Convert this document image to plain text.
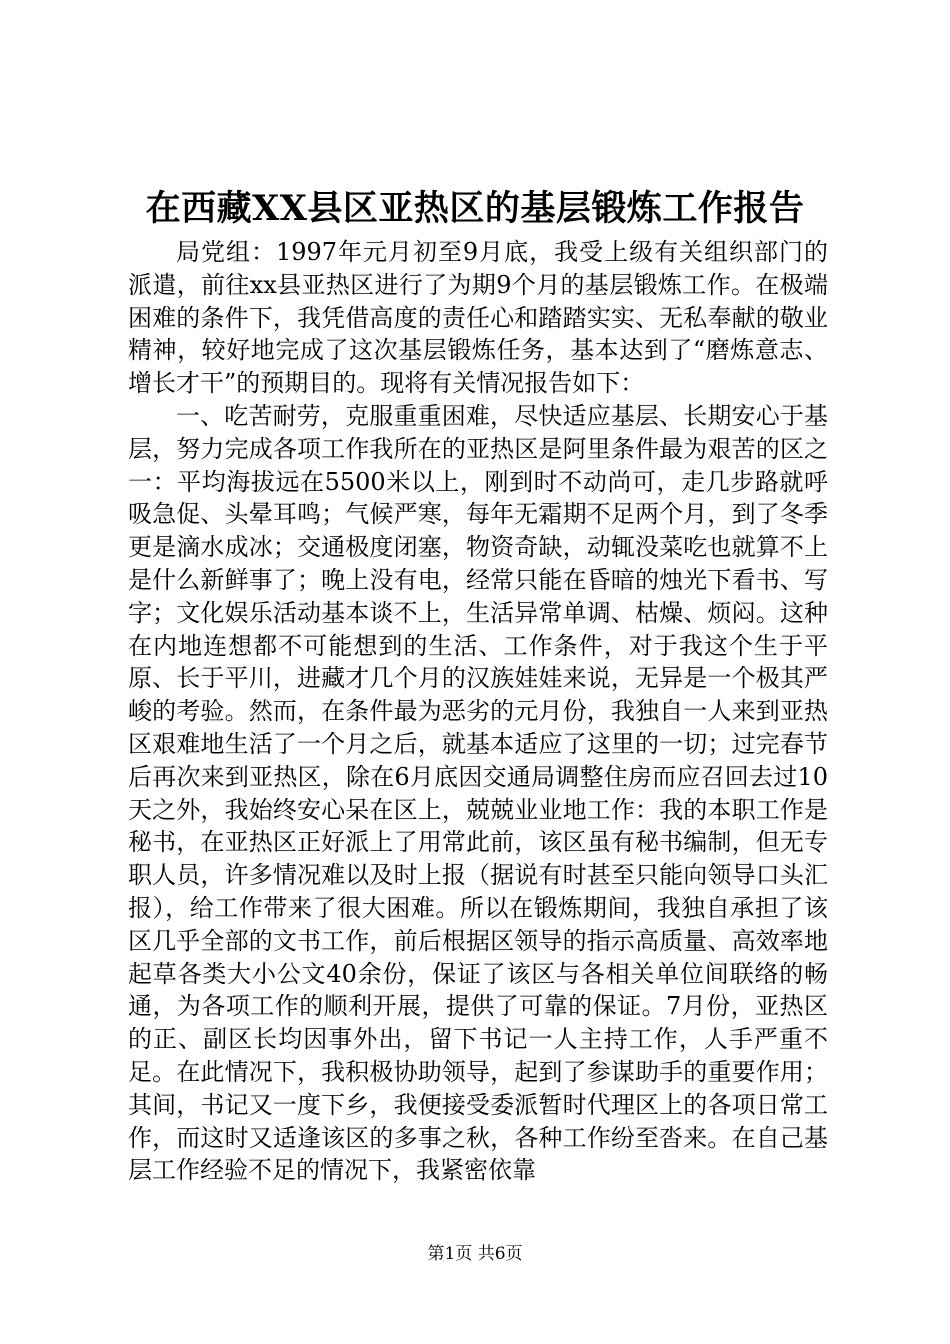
在西藏XX县区亚热区的基层锻炼工作报告

局党组：1997年元月初至9月底，我受上级有关组织部门的派遣，前往xx县亚热区进行了为期9个月的基层锻炼工作。在极端困难的条件下，我凭借高度的责任心和踏踏实实、无私奉献的敬业精神，较好地完成了这次基层锻炼任务，基本达到了“磨炼意志、增长才干”的预期目的。现将有关情况报告如下：

一、吃苦耐劳，克服重重困难，尽快适应基层、长期安心于基层，努力完成各项工作我所在的亚热区是阿里条件最为艰苦的区之一：平均海拔远在5500米以上，刚到时不动尚可，走几步路就呼吸急促、头晕耳鸣；气候严寒，每年无霜期不足两个月，到了冬季更是滴水成冰；交通极度闭塞，物资奇缺，动辄没菜吃也就算不上是什么新鲜事了；晚上没有电，经常只能在昏暗的烛光下看书、写字；文化娱乐活动基本谈不上，生活异常单调、枯燥、烦闷。这种在内地连想都不可能想到的生活、工作条件，对于我这个生于平原、长于平川，进藏才几个月的汉族娃娃来说，无异是一个极其严峻的考验。然而，在条件最为恶劣的元月份，我独自一人来到亚热区艰难地生活了一个月之后，就基本适应了这里的一切；过完春节后再次来到亚热区，除在6月底因交通局调整住房而应召回去过10天之外，我始终安心呆在区上，兢兢业业地工作：我的本职工作是秘书，在亚热区正好派上了用常此前，该区虽有秘书编制，但无专职人员，许多情况难以及时上报（据说有时甚至只能向领导口头汇报），给工作带来了很大困难。所以在锻炼期间，我独自承担了该区几乎全部的文书工作，前后根据区领导的指示高质量、高效率地起草各类大小公文40余份，保证了该区与各相关单位间联络的畅通，为各项工作的顺利开展，提供了可靠的保证。7月份，亚热区的正、副区长均因事外出，留下书记一人主持工作，人手严重不足。在此情况下，我积极协助领导，起到了参谋助手的重要作用；其间，书记又一度下乡，我便接受委派暂时代理区上的各项日常工作，而这时又适逢该区的多事之秋，各种工作纷至沓来。在自己基层工作经验不足的情况下，我紧密依靠

第1页 共6页
